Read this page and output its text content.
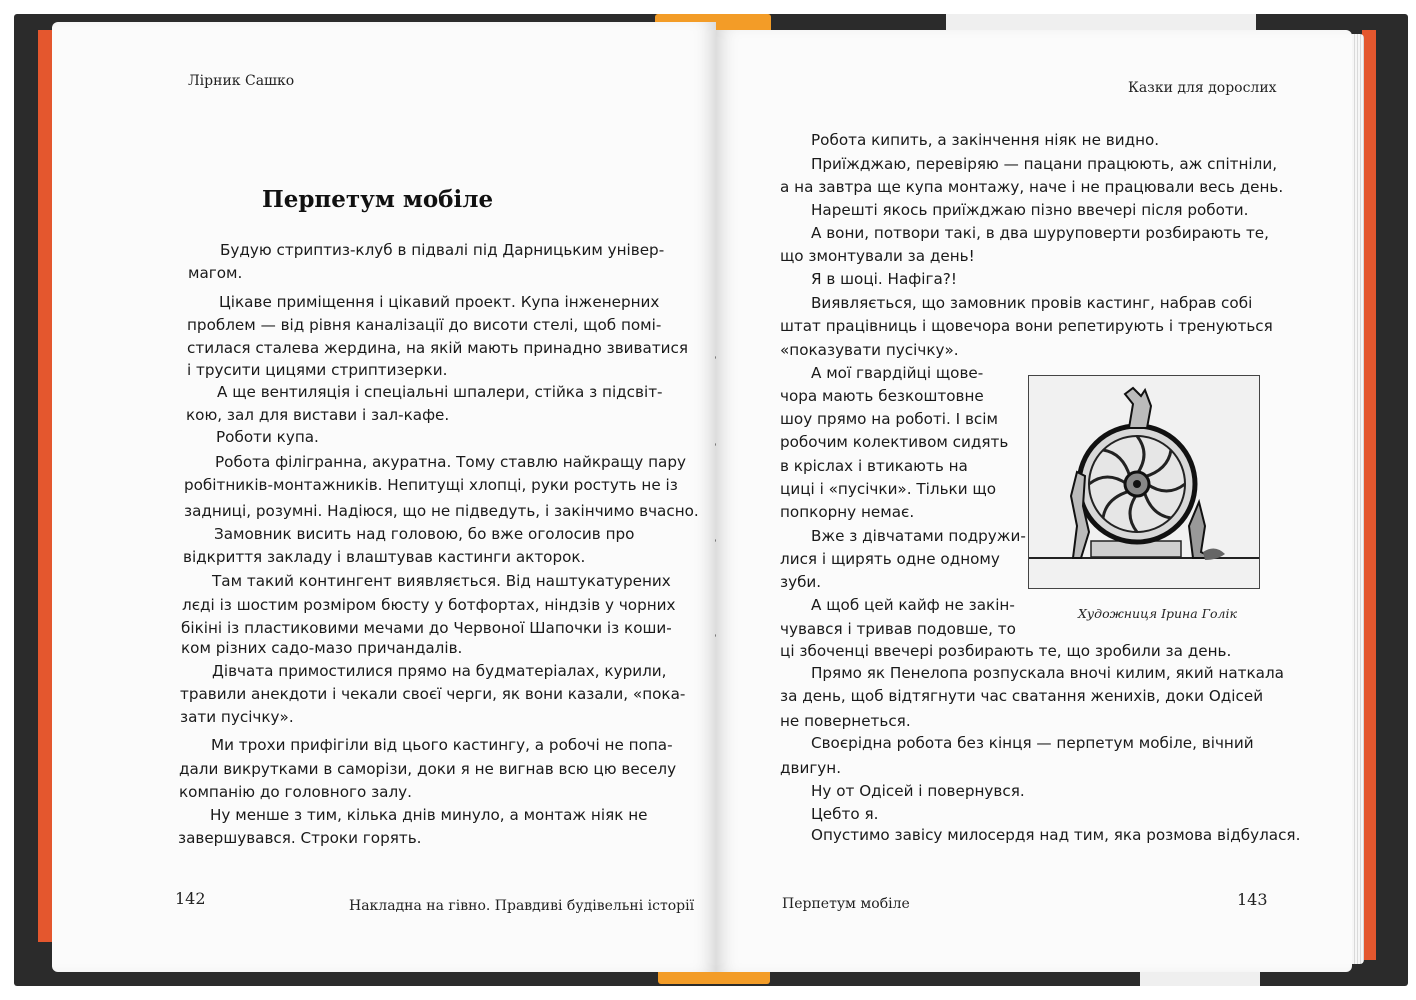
Лірник Сашко
Перпетум мобіле
Будую стриптиз-клуб в підвалі під Дарницьким універ-
магом.
Цікаве приміщення і цікавий проект. Купа інженерних
проблем — від рівня каналізації до висоти стелі, щоб помі-
стилася сталева жердина, на якій мають принадно звиватися
і трусити цицями стриптизерки.
А ще вентиляція і спеціальні шпалери, стійка з підсвіт-
кою, зал для вистави і зал-кафе.
Роботи купа.
Робота філігранна, акуратна. Тому ставлю найкращу пару
робітників-монтажників. Непитущі хлопці, руки ростуть не із
задниці, розумні. Надіюся, що не підведуть, і закінчимо вчасно.
Замовник висить над головою, бо вже оголосив про
відкриття закладу і влаштував кастинги акторок.
Там такий контингент виявляється. Від наштукатурених
лєді із шостим розміром бюсту у ботфортах, ніндзів у чорних
бікіні із пластиковими мечами до Червоної Шапочки із коши-
ком різних садо-мазо причандалів.
Дівчата примостилися прямо на будматеріалах, курили,
травили анекдоти і чекали своєї черги, як вони казали, «пока-
зати пусічку».
Ми трохи прифігіли від цього кастингу, а робочі не попа-
дали викрутками в саморізи, доки я не вигнав всю цю веселу
компанію до головного залу.
Ну менше з тим, кілька днів минуло, а монтаж ніяк не
завершувався. Строки горять.
142	Накладна на гівно. Правдиві будівельні історії
Казки для дорослих
Робота кипить, а закінчення ніяк не видно.
Приїжджаю, перевіряю — пацани працюють, аж спітніли,
а на завтра ще купа монтажу, наче і не працювали весь день.
Нарешті якось приїжджаю пізно ввечері після роботи.
А вони, потвори такі, в два шуруповерти розбирають те,
що змонтували за день!
Я в шоці. Нафіга?!
Виявляється, що замовник провів кастинг, набрав собі
штат працівниць і щовечора вони репетирують і тренуються
«показувати пусічку».
А мої гвардійці щове-
чора мають безкоштовне
шоу прямо на роботі. І всім
робочим колективом сидять
в кріслах і втикають на
циці і «пусічки». Тільки що
попкорну немає.
Вже з дівчатами подружи-
лися і щирять одне одному
зуби.
А щоб цей кайф не закін-
чувався і тривав подовше, то
ці збоченці ввечері розбирають те, що зробили за день.
Прямо як Пенелопа розпускала вночі килим, який наткала
за день, щоб відтягнути час сватання женихів, доки Одісей
не повернеться.
Своєрідна робота без кінця — перпетум мобіле, вічний
двигун.
Ну от Одісей і повернувся.
Цебто я.
Опустимо завісу милосердя над тим, яка розмова відбулася.
Художниця Ірина Голік
Перпетум мобіле	143
